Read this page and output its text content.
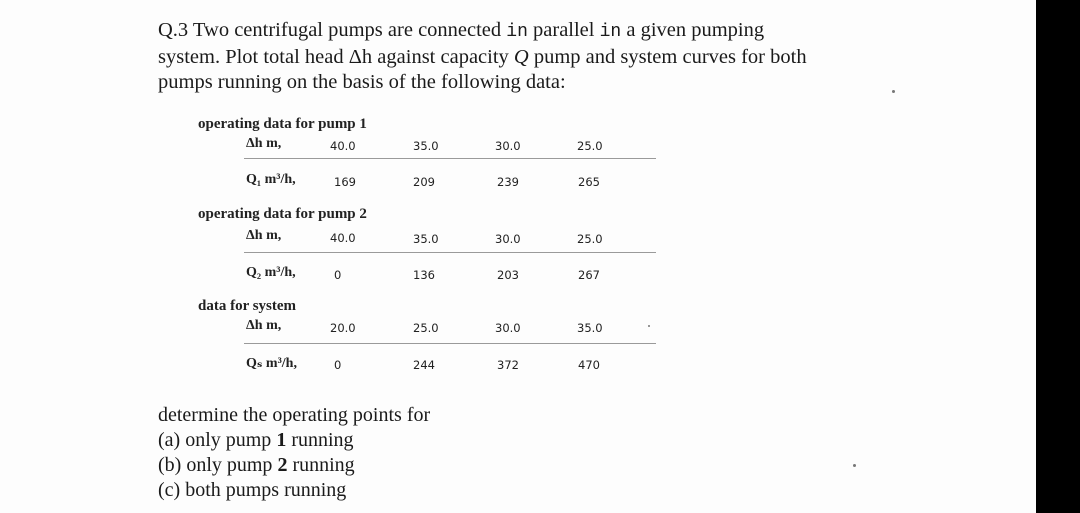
Q.3 Two centrifugal pumps are connected in parallel in a given pumping
system. Plot total head Δh against capacity Q pump and system curves for both
pumps running on the basis of the following data:
operating data for pump 1
Δh m,	40.0	35.0	30.0	25.0
Q₁ m³/h,	169	209	239	265
operating data for pump 2
Δh m,	40.0	35.0	30.0	25.0
Q₂ m³/h,	0	136	203	267
data for system
Δh m,	20.0	25.0	30.0	35.0
Qₛ m³/h,	0	244	372	470
determine the operating points for
(a) only pump 1 running
(b) only pump 2 running
(c) both pumps running
